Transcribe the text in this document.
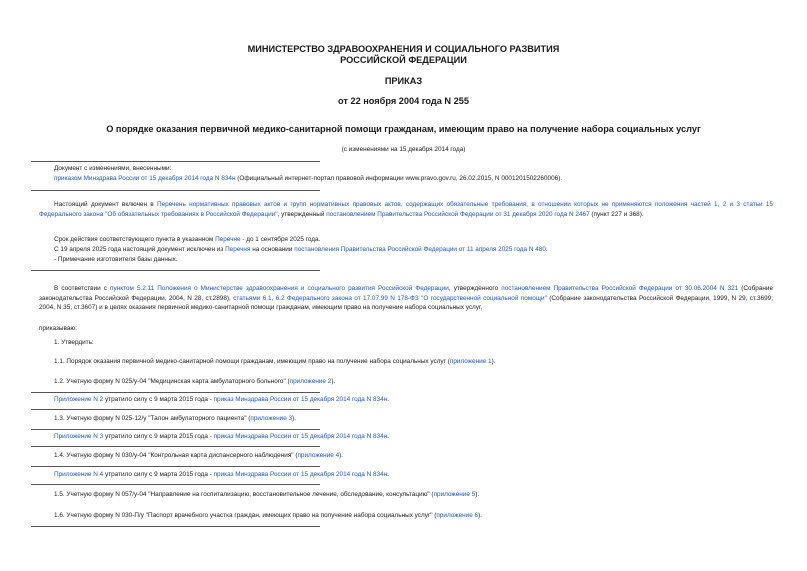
МИНИСТЕРСТВО ЗДРАВООХРАНЕНИЯ И СОЦИАЛЬНОГО РАЗВИТИЯ
РОССИЙСКОЙ ФЕДЕРАЦИИ
ПРИКАЗ
от 22 ноября 2004 года N 255
О порядке оказания первичной медико-санитарной помощи гражданам, имеющим право на получение набора социальных услуг
(с изменениями на 15 декабря 2014 года)
Документ с изменениями, внесенными:
приказом Минздрава России от 15 декабря 2014 года N 834н (Официальный интернет-портал правовой информации www.pravo.gov.ru, 26.02.2015, N 0001201502260006).
Настоящий документ включен в Перечень нормативных правовых актов и групп нормативных правовых актов, содержащих обязательные требования, в отношении которых не применяются положения частей 1, 2 и 3 статьи 15 Федерального закона "Об обязательных требованиях в Российской Федерации", утвержденный постановлением Правительства Российской Федерации от 31 декабря 2020 года N 2467 (пункт 227 и 368).
Срок действия соответствующего пункта в указанном Перечне - до 1 сентября 2025 года.
С 19 апреля 2025 года настоящий документ исключен из Перечня на основании постановления Правительства Российской Федерации от 11 апреля 2025 года N 480.
- Примечание изготовителя базы данных.
В соответствии с пунктом 5.2.11 Положения о Министерстве здравоохранения и социального развития Российской Федерации, утвержденного постановлением Правительства Российской Федерации от 30.06.2004 N 321 (Собрание законодательства Российской Федерации, 2004, N 28, ст.2898), статьями 6.1, 6.2 Федерального закона от 17.07.99 N 178-ФЗ "О государственной социальной помощи" (Собрание законодательства Российской Федерации, 1999, N 29, ст.3699; 2004, N 35, ст.3607) и в целях оказания первичной медико-санитарной помощи гражданам, имеющим право на получение набора социальных услуг,
приказываю:
1. Утвердить:
1.1. Порядок оказания первичной медико-санитарной помощи гражданам, имеющим право на получение набора социальных услуг (приложение 1).
1.2. Учетную форму N 025/у-04 "Медицинская карта амбулаторного больного" (приложение 2).
Приложение N 2 утратило силу с 9 марта 2015 года - приказ Минздрава России от 15 декабря 2014 года N 834н.
1.3. Учетную форму N 025-12/у "Талон амбулаторного пациента" (приложение 3).
Приложение N 3 утратило силу с 9 марта 2015 года - приказ Минздрава России от 15 декабря 2014 года N 834н.
1.4. Учетную форму N 030/у-04 "Контрольная карта диспансерного наблюдения" (приложение 4).
Приложение N 4 утратило силу с 9 марта 2015 года - приказ Минздрава России от 15 декабря 2014 года N 834н.
1.5. Учетную форму N 057/у-04 "Направление на госпитализацию, восстановительное лечение, обследование, консультацию" (приложение 5).
1.6. Учетную форму N 030-П/у "Паспорт врачебного участка граждан, имеющих право на получение набора социальных услуг" (приложение 6).
